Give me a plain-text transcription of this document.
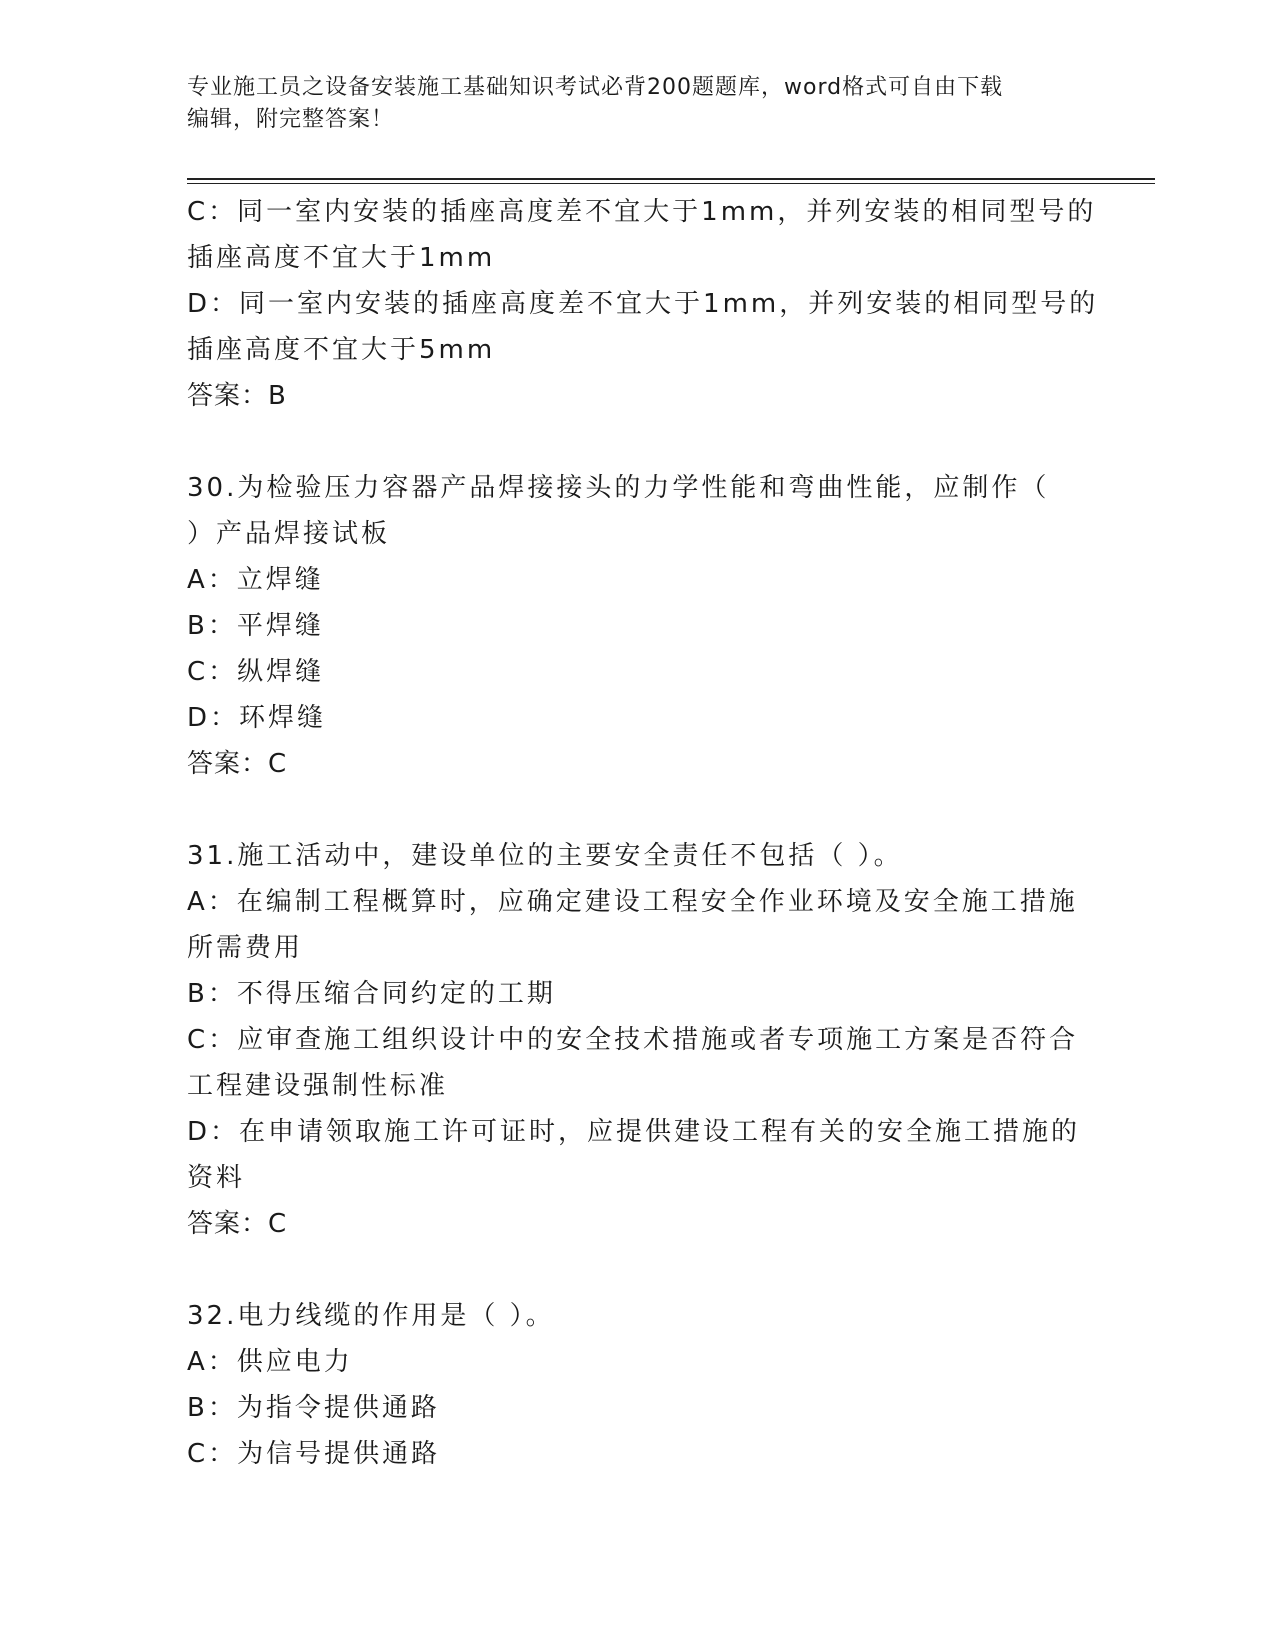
专业施工员之设备安装施工基础知识考试必背200题题库，word格式可自由下载
编辑，附完整答案！
C：同一室内安装的插座高度差不宜大于1mm，并列安装的相同型号的
插座高度不宜大于1mm
D：同一室内安装的插座高度差不宜大于1mm，并列安装的相同型号的
插座高度不宜大于5mm
答案：B
30.为检验压力容器产品焊接接头的力学性能和弯曲性能，应制作（
）产品焊接试板
A：立焊缝
B：平焊缝
C：纵焊缝
D：环焊缝
答案：C
31.施工活动中，建设单位的主要安全责任不包括（ ）。
A：在编制工程概算时，应确定建设工程安全作业环境及安全施工措施
所需费用
B：不得压缩合同约定的工期
C：应审查施工组织设计中的安全技术措施或者专项施工方案是否符合
工程建设强制性标准
D：在申请领取施工许可证时，应提供建设工程有关的安全施工措施的
资料
答案：C
32.电力线缆的作用是（ ）。
A：供应电力
B：为指令提供通路
C：为信号提供通路
